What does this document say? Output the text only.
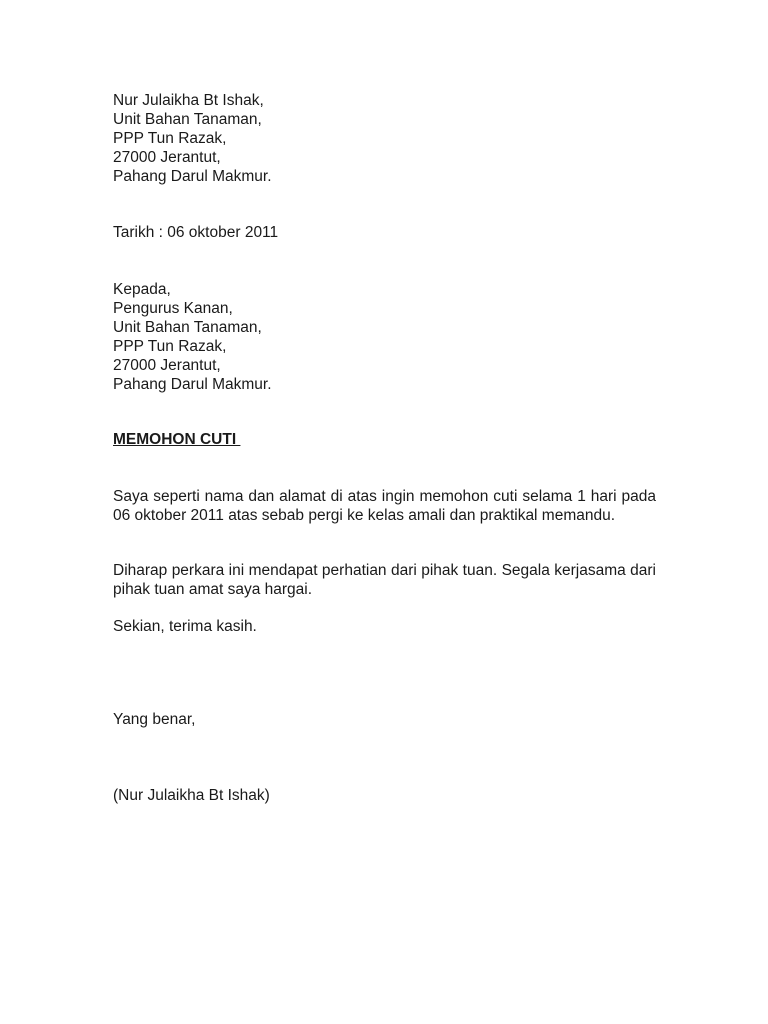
Nur Julaikha Bt Ishak,
Unit Bahan Tanaman,
PPP Tun Razak,
27000 Jerantut,
Pahang Darul Makmur.
Tarikh : 06 oktober 2011
Kepada,
Pengurus Kanan,
Unit Bahan Tanaman,
PPP Tun Razak,
27000 Jerantut,
Pahang Darul Makmur.
MEMOHON CUTI
Saya seperti nama dan alamat di atas ingin memohon cuti selama 1 hari pada 06 oktober 2011 atas sebab pergi ke kelas amali dan praktikal memandu.
Diharap perkara ini mendapat perhatian dari pihak tuan. Segala kerjasama dari pihak tuan amat saya hargai.
Sekian, terima kasih.
Yang benar,
(Nur Julaikha Bt Ishak)
